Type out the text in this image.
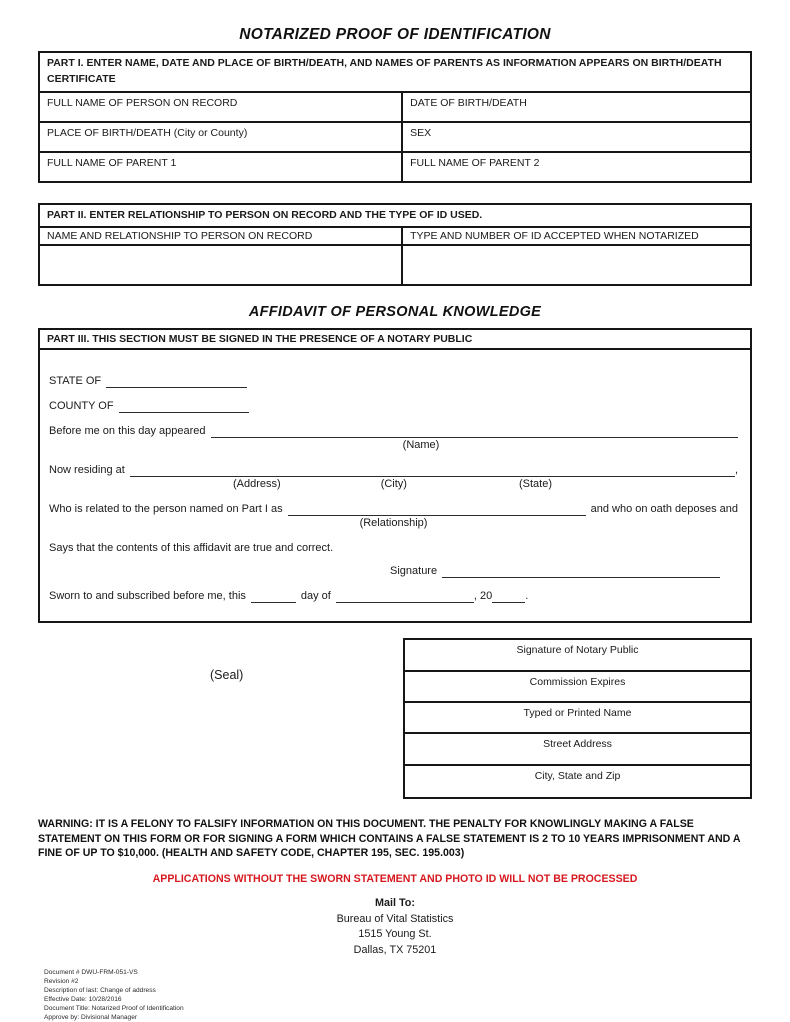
NOTARIZED PROOF OF IDENTIFICATION
PART I. ENTER NAME, DATE AND PLACE OF BIRTH/DEATH, AND NAMES OF PARENTS AS INFORMATION APPEARS ON BIRTH/DEATH CERTIFICATE	
FULL NAME OF PERSON ON RECORD	DATE OF BIRTH/DEATH
PLACE OF BIRTH/DEATH (City or County)	SEX
FULL NAME OF PARENT 1	FULL NAME OF PARENT 2
PART II. ENTER RELATIONSHIP TO PERSON ON RECORD AND THE TYPE OF ID USED.	
NAME AND RELATIONSHIP TO PERSON ON RECORD	TYPE AND NUMBER OF ID ACCEPTED WHEN NOTARIZED

AFFIDAVIT OF PERSONAL KNOWLEDGE
PART III. THIS SECTION MUST BE SIGNED IN THE PRESENCE OF A NOTARY PUBLIC
STATE OF
COUNTY OF
Before me on this day appeared
(Name)
Now residing at	,
(Address)	(City)	(State)
Who is related to the person named on Part I as	and who on oath deposes and
(Relationship)
Says that the contents of this affidavit are true and correct.
Signature
Sworn to and subscribed before me, this	day of	, 20	.
(Seal)
Signature of Notary Public
Commission Expires
Typed or Printed Name
Street Address
City, State and Zip
WARNING: IT IS A FELONY TO FALSIFY INFORMATION ON THIS DOCUMENT. THE PENALTY FOR KNOWLINGLY MAKING A FALSE STATEMENT ON THIS FORM OR FOR SIGNING A FORM WHICH CONTAINS A FALSE STATEMENT IS 2 TO 10 YEARS IMPRISONMENT AND A FINE OF UP TO $10,000. (HEALTH AND SAFETY CODE, CHAPTER 195, SEC. 195.003)
APPLICATIONS WITHOUT THE SWORN STATEMENT AND PHOTO ID WILL NOT BE PROCESSED
Mail To:
Bureau of Vital Statistics
1515 Young St.
Dallas, TX 75201
Document # DWU-FRM-051-VS
Revision #2
Description of last: Change of address
Effective Date: 10/28/2016
Document Title: Notarized Proof of Identification
Approve by: Divisional Manager
